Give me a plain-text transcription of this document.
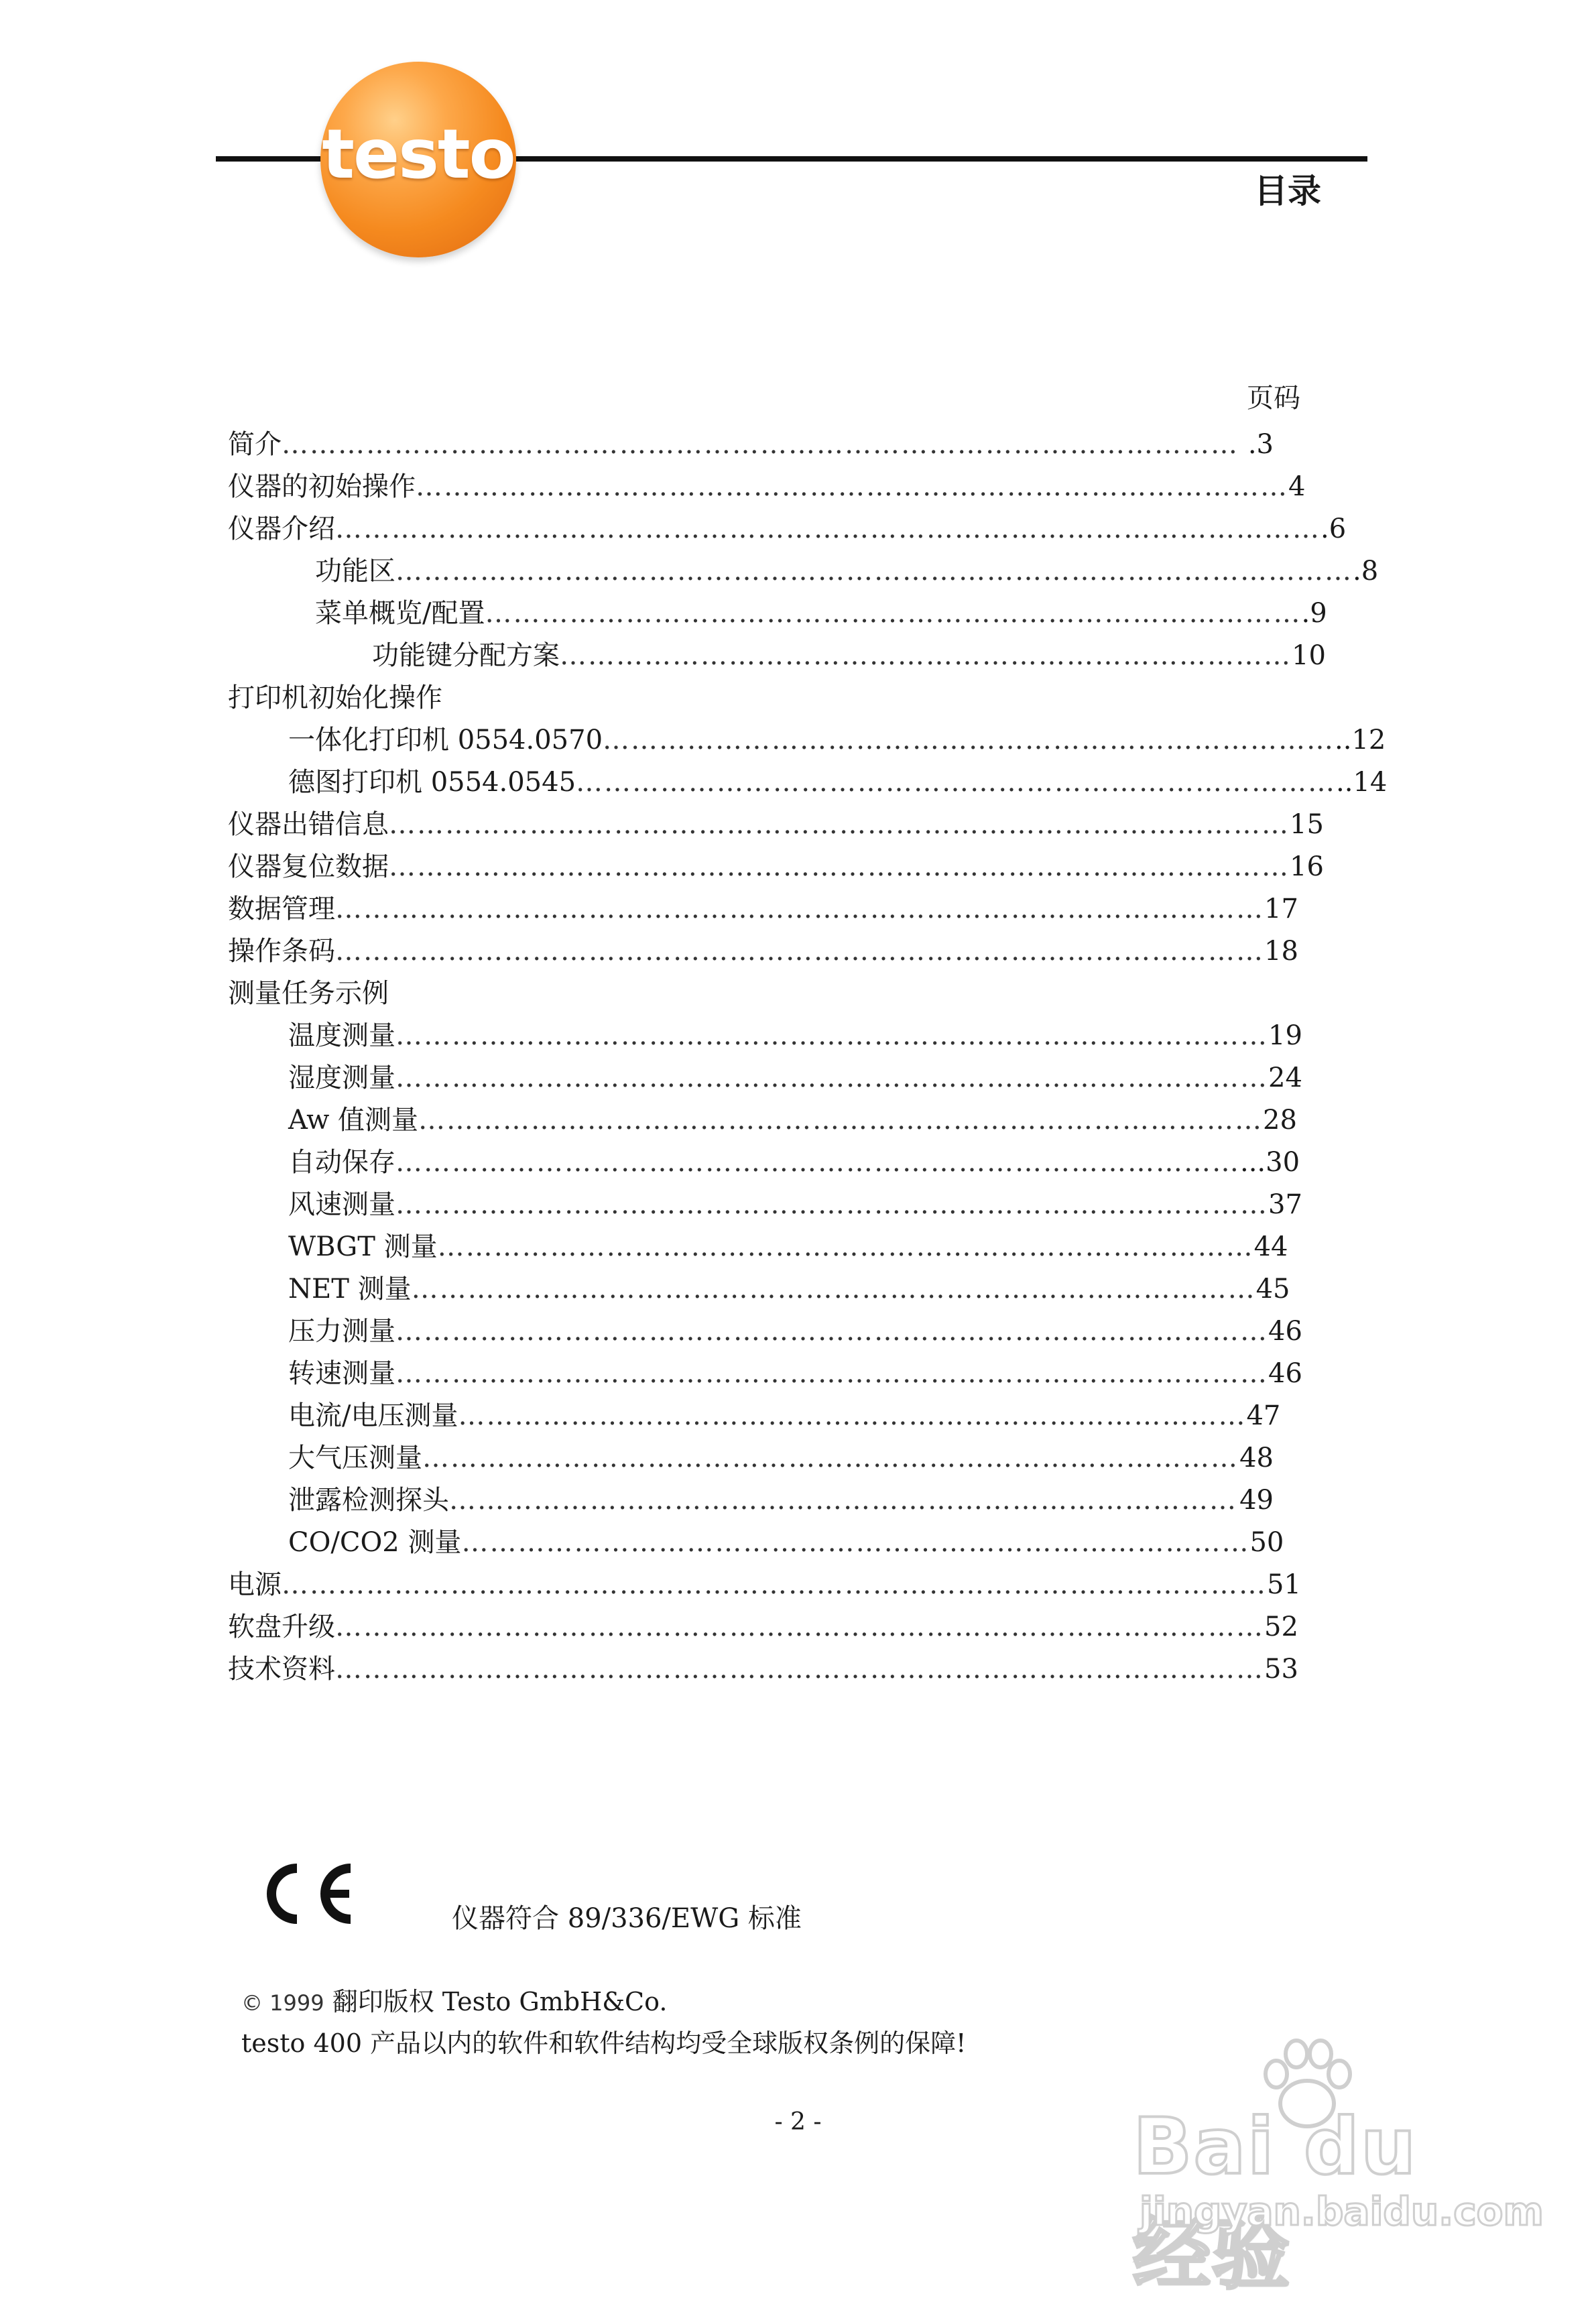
testo	目录
页码
简介 ………………………………………………………………………………………… .3
仪器的初始操作 ………………………………………………………………………………… 4
仪器介绍 …………………………………………………………………………………………… .6
功能区 ………………………………………………………………………………………… .8
菜单概览/配置 …………………………………………………………………………… .9
功能键分配方案 …………………………………………………………………… 10
打印机初始化操作
一体化打印机 0554.0570 …………………………………………………………………… ..12
德图打印机 0554.0545 ……………………………………………………………………… ..14
仪器出错信息 …………………………………………………………………………………… 15
仪器复位数据 …………………………………………………………………………………… 16
数据管理 ……………………………………………………………………………………… 17
操作条码 ……………………………………………………………………………………… 18
测量任务示例
温度测量 ………………………………………………………………………………… 19
湿度测量 ………………………………………………………………………………… 24
Aw 值测量 ……………………………………………………………………………… 28
自动保存 ……………………………………………………………………………… ...30
风速测量 ………………………………………………………………………………… 37
WBGT 测量 …………………………………………………………………………… 44
NET 测量 ……………………………………………………………………………… 45
压力测量 ………………………………………………………………………………… 46
转速测量 ………………………………………………………………………………… 46
电流/电压测量 ………………………………………………………………………… 47
大气压测量 …………………………………………………………………………… 48
泄露检测探头 ………………………………………………………………………… 49
CO/CO2 测量 ………………………………………………………………………… 50
电源 …………………………………………………………………………………………… 51
软盘升级 ……………………………………………………………………………………… 52
技术资料 ……………………………………………………………………………………… 53
仪器符合 89/336/EWG 标准
© 1999 翻印版权 Testo GmbH&Co.
testo 400 产品以内的软件和软件结构均受全球版权条例的保障!
- 2 -	Bai du 经验
jingyan.baidu.com
